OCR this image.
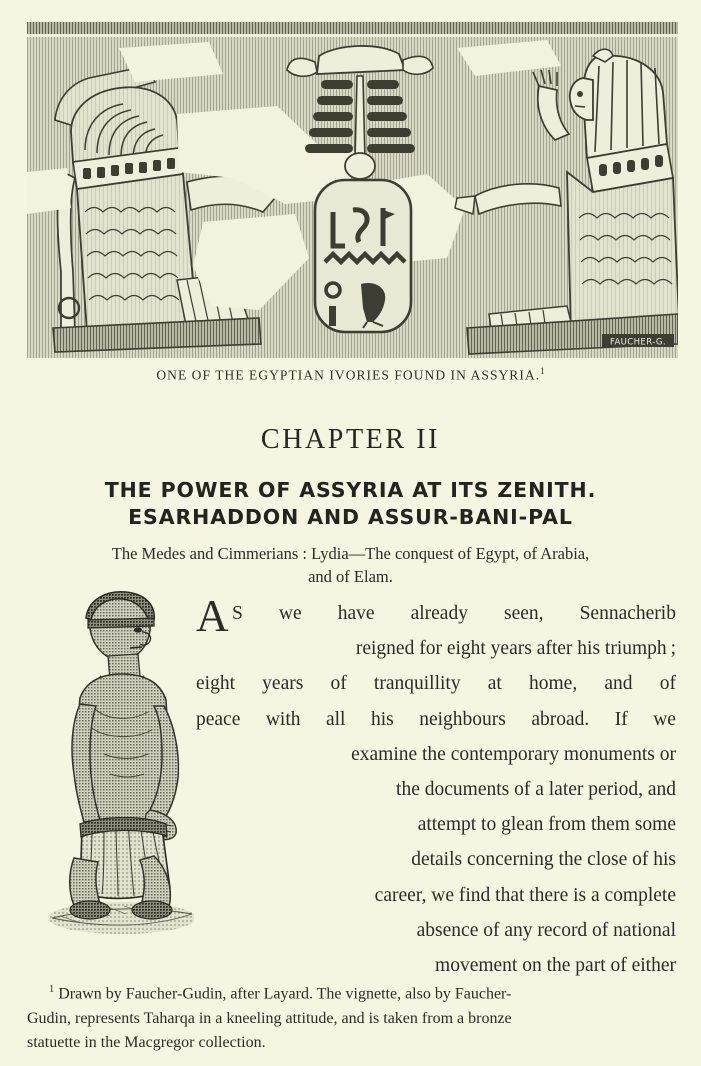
FAUCHER-G.
ONE OF THE EGYPTIAN IVORIES FOUND IN ASSYRIA.$^1$
CHAPTER II
THE POWER OF ASSYRIA AT ITS ZENITH.
ESARHADDON AND ASSUR-BANI-PAL
The Medes and Cimmerians : Lydia—The conquest of Egypt, of Arabia,
and of Elam.
A S we have already seen, Sennacherib
reigned for eight years after his triumph ;
eight years of tranquillity at home, and of
peace with all his neighbours abroad. If we
examine the contemporary monuments or
the documents of a later period, and
attempt to glean from them some
details concerning the close of his
career, we find that there is a complete
absence of any record of national
movement on the part of either
$^1$ Drawn by Faucher-Gudin, after Layard. The vignette, also by Faucher-
Gudin, represents Taharqa in a kneeling attitude, and is taken from a bronze
statuette in the Macgregor collection.
